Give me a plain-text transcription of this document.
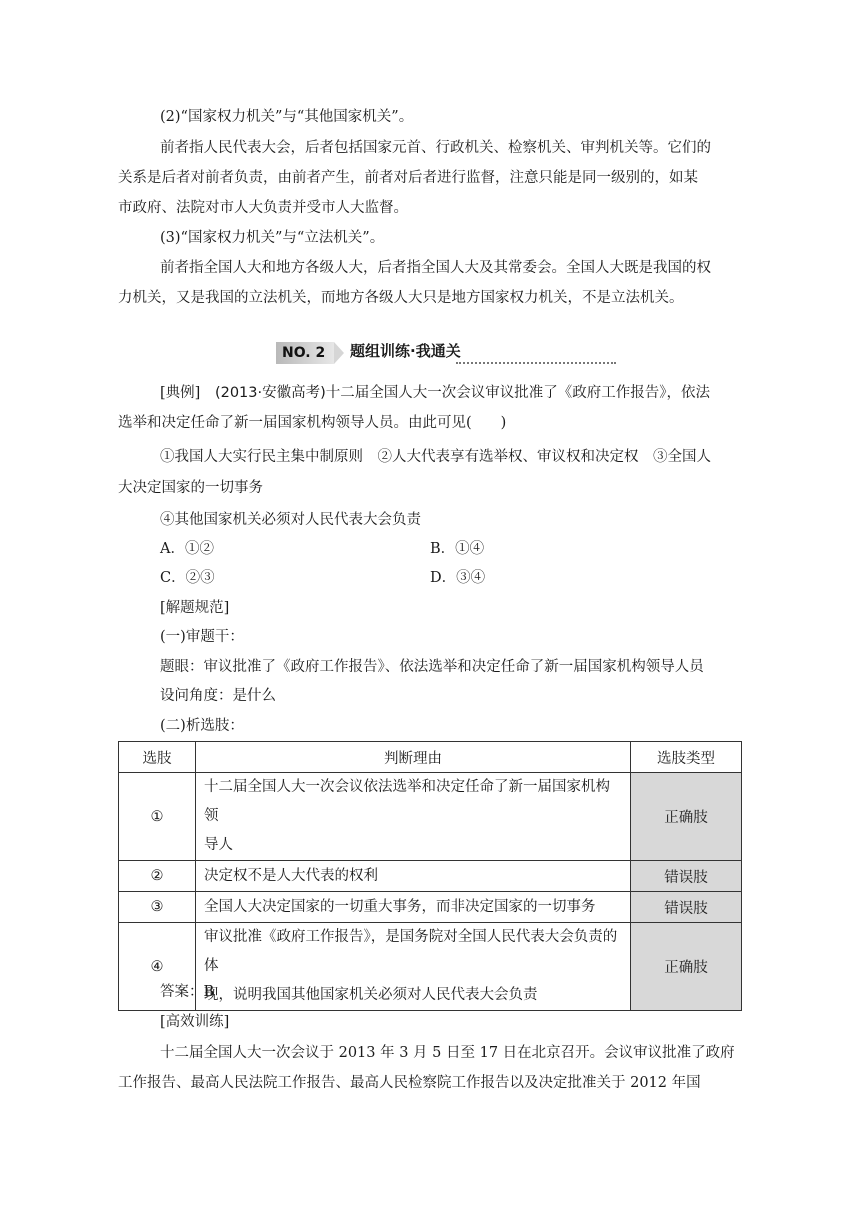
(2)“国家权力机关”与“其他国家机关”。
前者指人民代表大会，后者包括国家元首、行政机关、检察机关、审判机关等。它们的
关系是后者对前者负责，由前者产生，前者对后者进行监督，注意只能是同一级别的，如某
市政府、法院对市人大负责并受市人大监督。
(3)“国家权力机关”与“立法机关”。
前者指全国人大和地方各级人大，后者指全国人大及其常委会。全国人大既是我国的权
力机关，又是我国的立法机关，而地方各级人大只是地方国家权力机关，不是立法机关。
NO. 2	题组训练·我通关
[典例] (2013·安徽高考)十二届全国人大一次会议审议批准了《政府工作报告》，依法
选举和决定任命了新一届国家机构领导人员。由此可见(　　)
①我国人大实行民主集中制原则　②人大代表享有选举权、审议权和决定权　③全国人
大决定国家的一切事务
④其他国家机关必须对人民代表大会负责
A．①②	B．①④
C．②③	D．③④
[解题规范]
(一)审题干：
题眼：审议批准了《政府工作报告》、依法选举和决定任命了新一届国家机构领导人员
设问角度：是什么
(二)析选肢：
选肢	判断理由	选肢类型
①	十二届全国人大一次会议依法选举和决定任命了新一届国家机构领
导人	正确肢
②	决定权不是人大代表的权利	错误肢
③	全国人大决定国家的一切重大事务，而非决定国家的一切事务	错误肢
④	审议批准《政府工作报告》，是国务院对全国人民代表大会负责的体
现，说明我国其他国家机关必须对人民代表大会负责	正确肢
答案：B
[高效训练]
十二届全国人大一次会议于 2013 年 3 月 5 日至 17 日在北京召开。会议审议批准了政府
工作报告、最高人民法院工作报告、最高人民检察院工作报告以及决定批准关于 2012 年国
